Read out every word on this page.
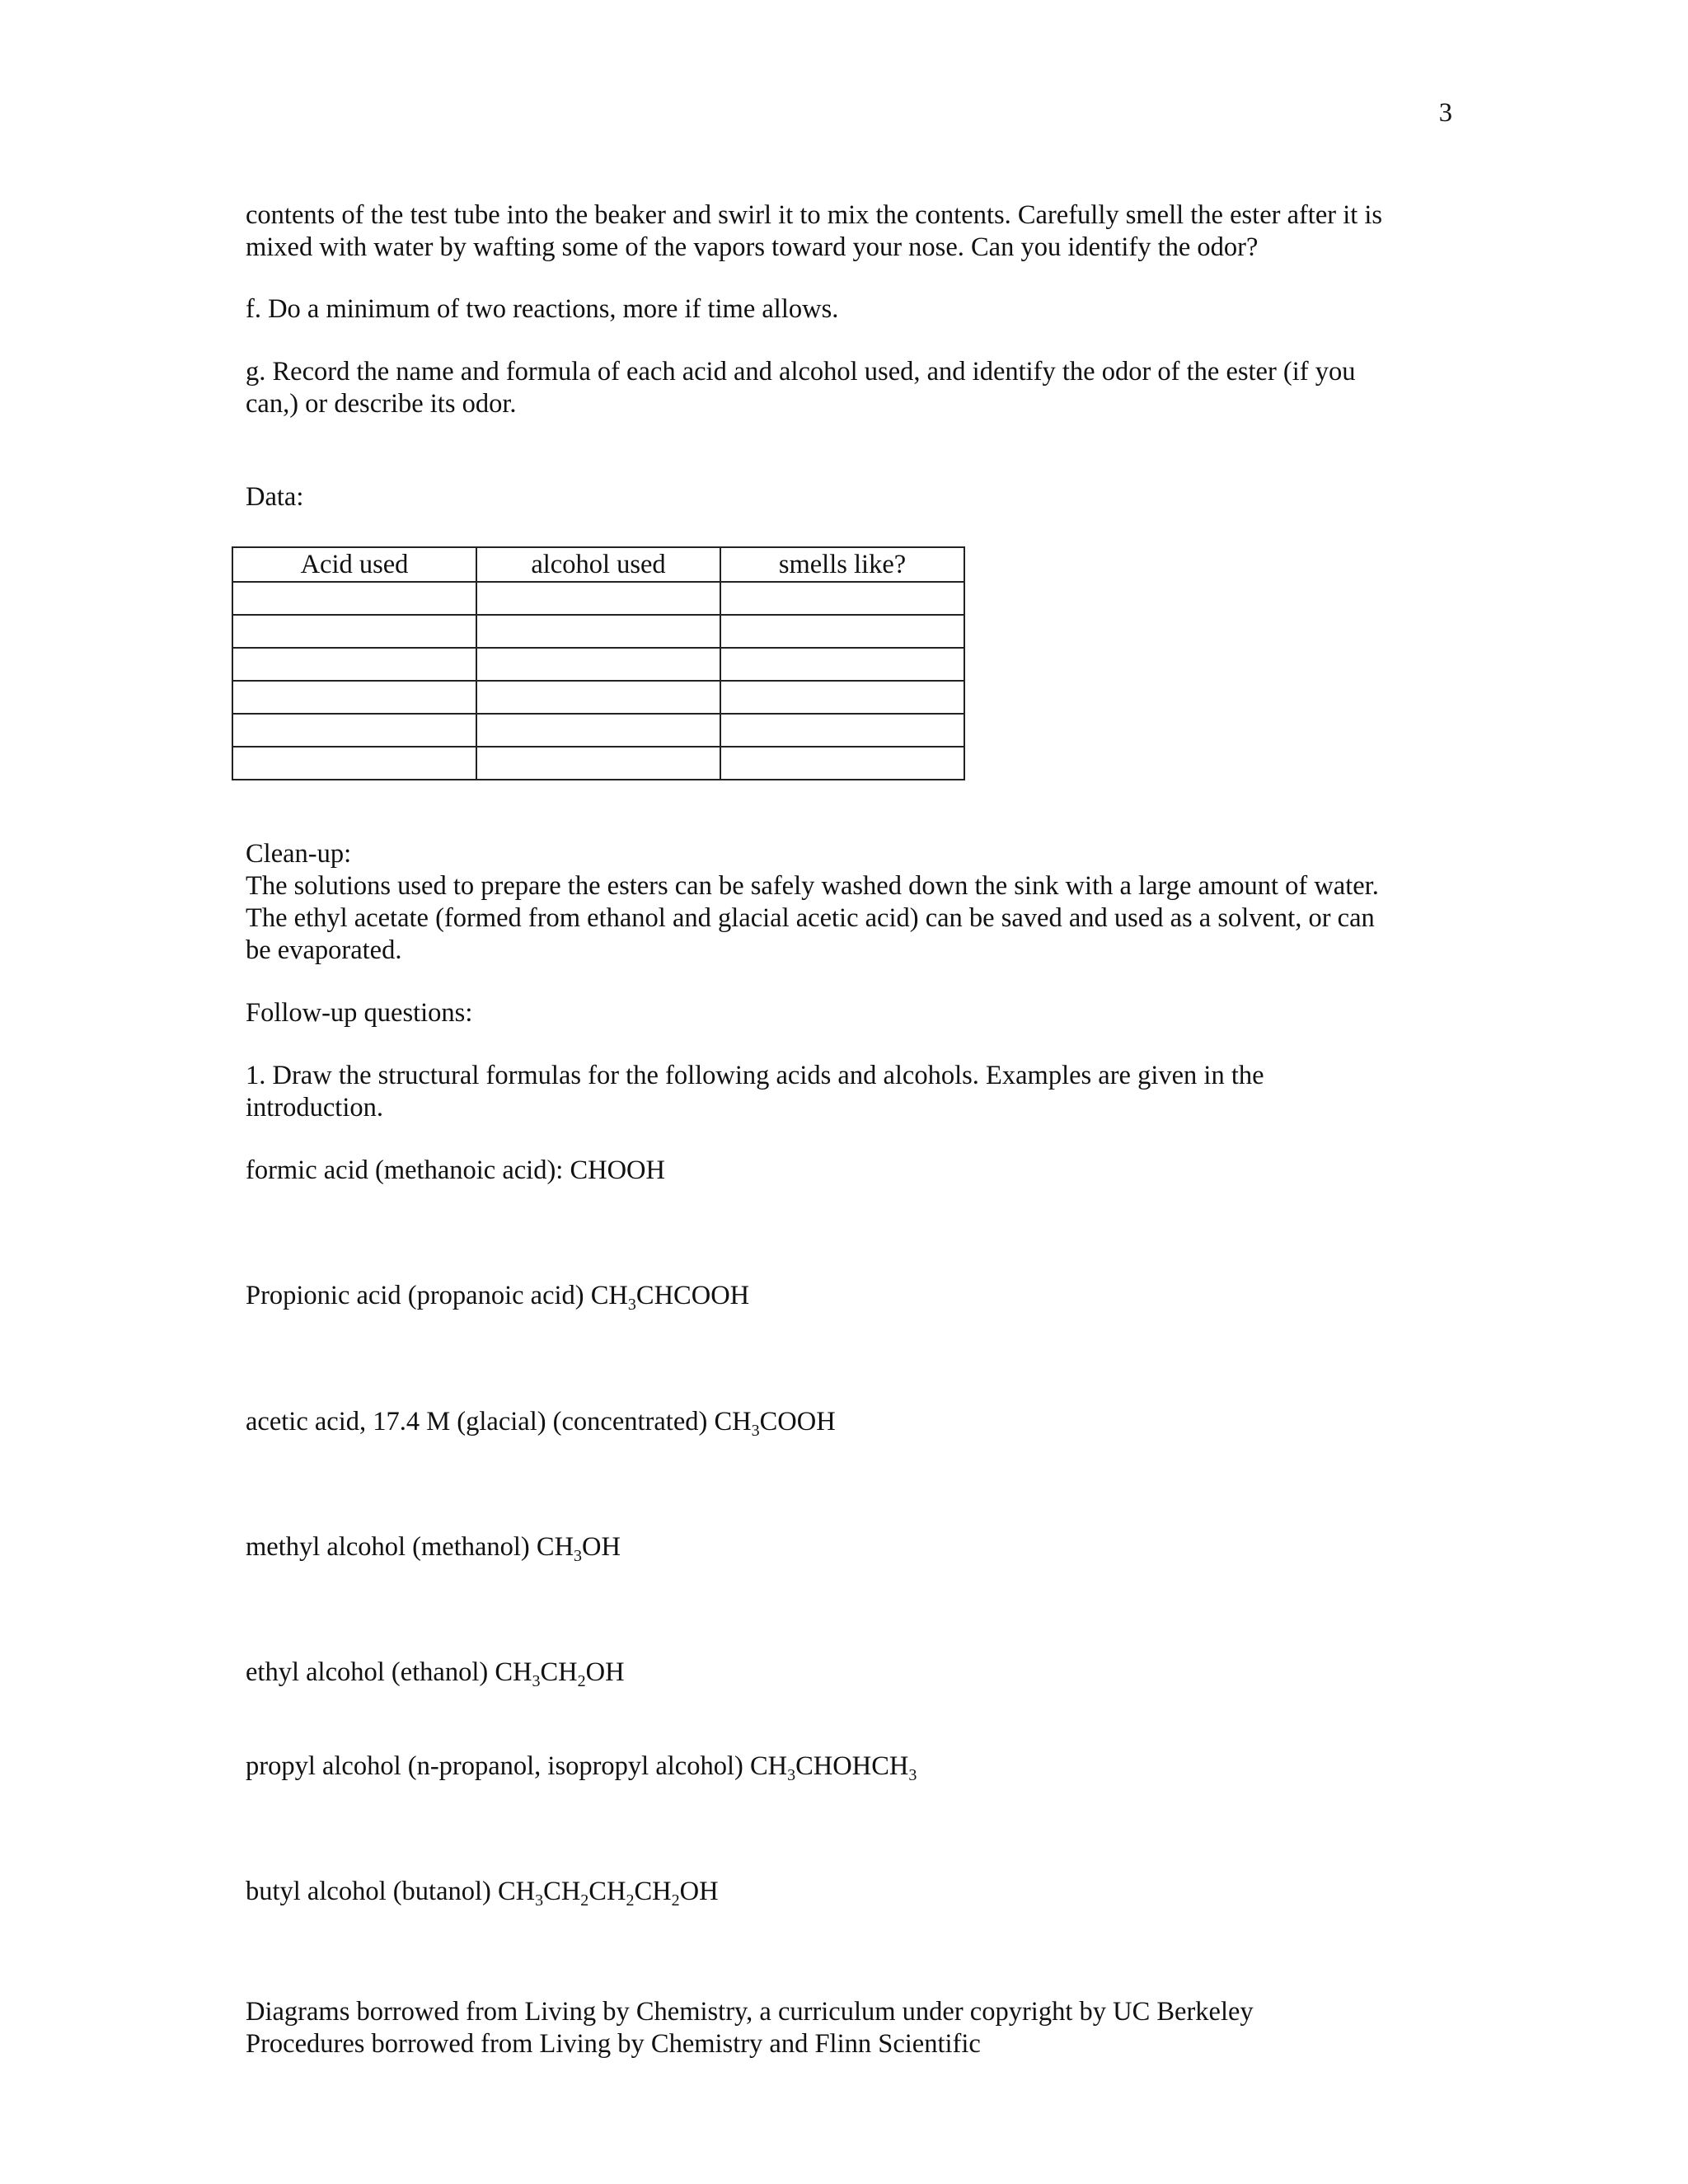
3

contents of the test tube into the beaker and swirl it to mix the contents. Carefully smell the ester after it is

mixed with water by wafting some of the vapors toward your nose. Can you identify the odor?

f. Do a minimum of two reactions, more if time allows.

g. Record the name and formula of each acid and alcohol used, and identify the odor of the ester (if you

can,) or describe its odor.

Data:

Acid used	alcohol used	smells like?

Clean-up:

The solutions used to prepare the esters can be safely washed down the sink with a large amount of water.

The ethyl acetate (formed from ethanol and glacial acetic acid) can be saved and used as a solvent, or can

be evaporated.

Follow-up questions:

1. Draw the structural formulas for the following acids and alcohols. Examples are given in the

introduction.

formic acid (methanoic acid): CHOOH

Propionic acid (propanoic acid) $CH_3CHCOOH$

acetic acid, 17.4 M (glacial) (concentrated) $CH_3COOH$

methyl alcohol (methanol) $CH_3OH$

ethyl alcohol (ethanol) $CH_3CH_2OH$

propyl alcohol (n-propanol, isopropyl alcohol) $CH_3CHOHCH_3$

butyl alcohol (butanol) $CH_3CH_2CH_2CH_2OH$

Diagrams borrowed from Living by Chemistry, a curriculum under copyright by UC Berkeley

Procedures borrowed from Living by Chemistry and Flinn Scientific
